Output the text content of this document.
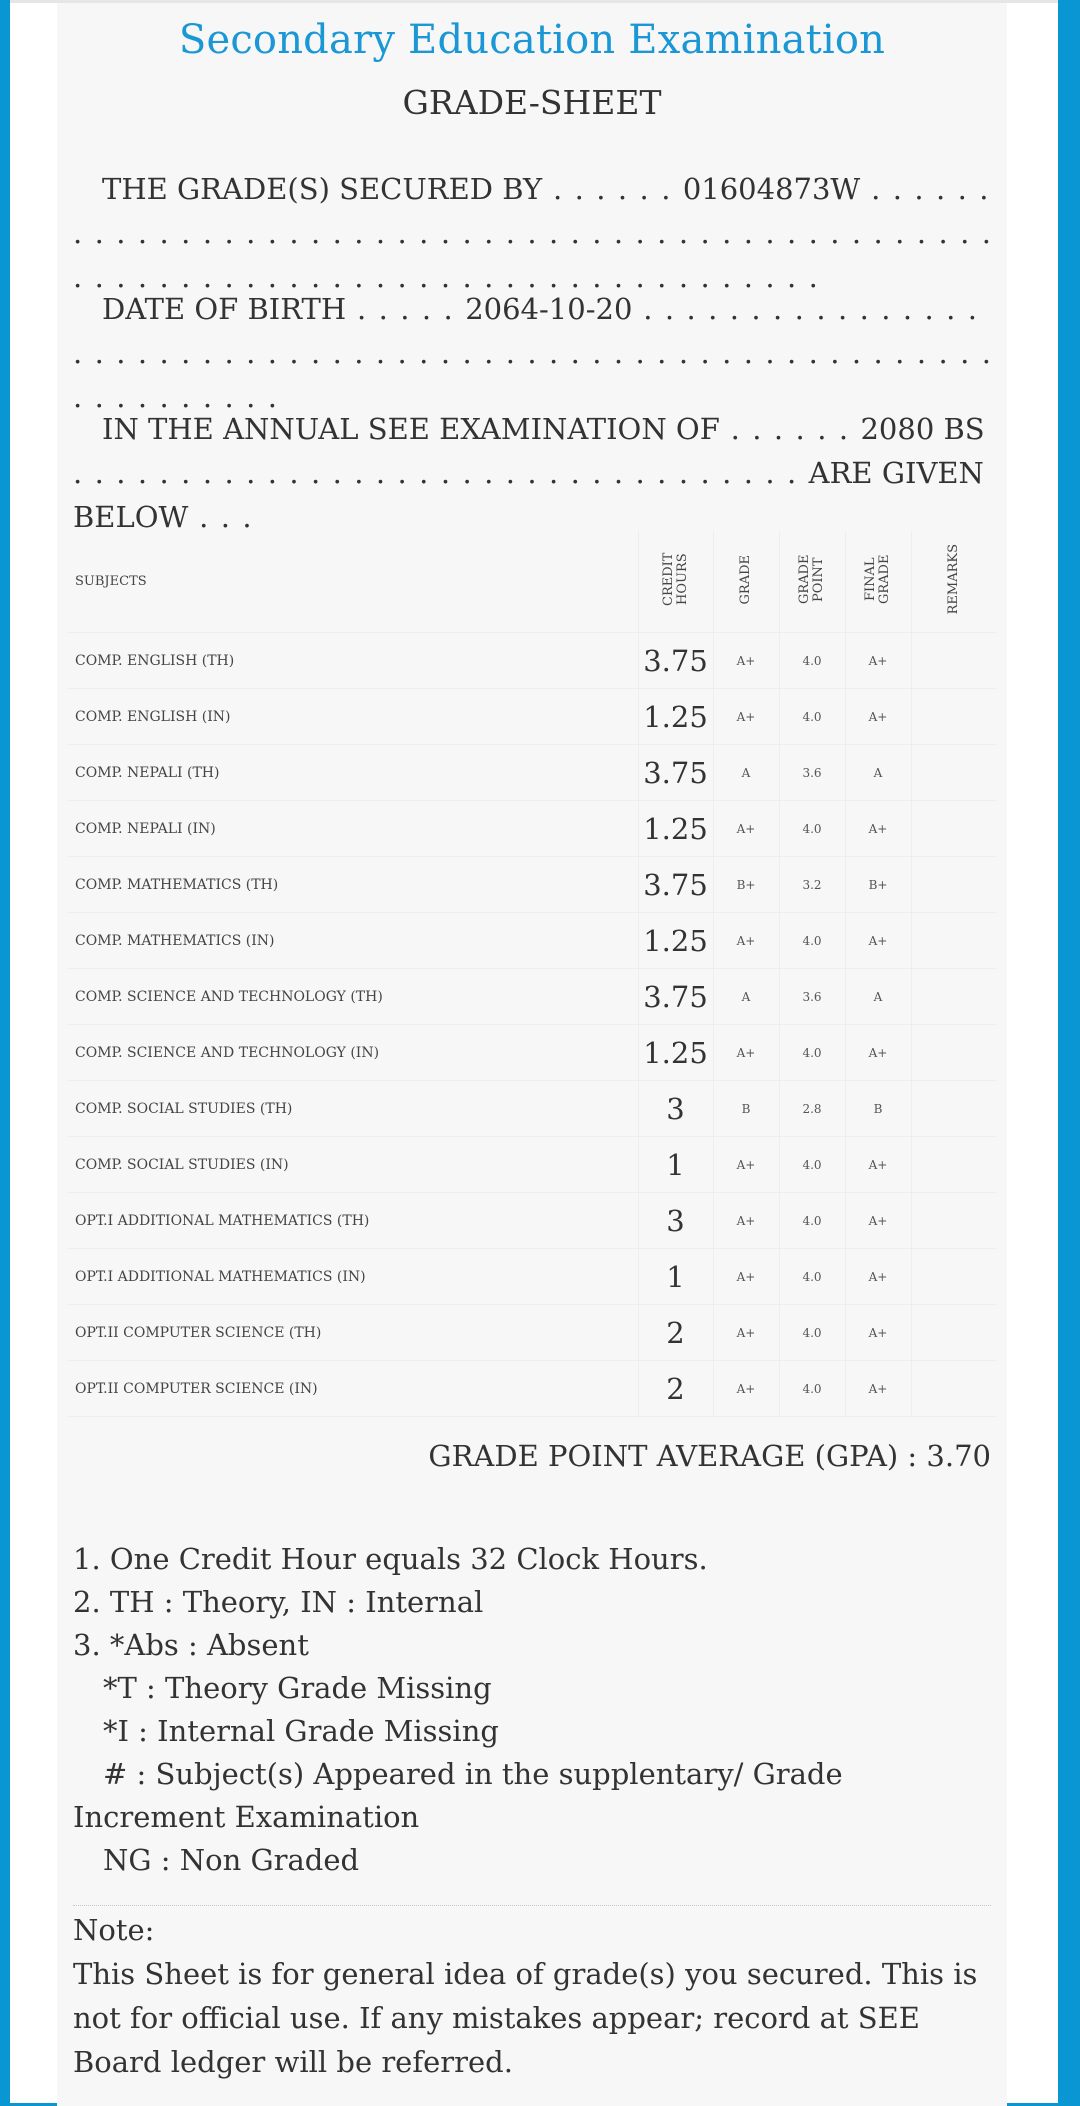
Secondary Education Examination
GRADE-SHEET
THE GRADE(S) SECURED BY . . . . . . 01604873W . . . . . . . . . . . . . . . . . . . . . . . . . . . . . . . . . . . . . . . . . . . . . . . . . . . . . . . . . . . . . . . . . . . . . . . . . . . . . . . . . . . .
DATE OF BIRTH . . . . . 2064-10-20 . . . . . . . . . . . . . . . . . . . . . . . . . . . . . . . . . . . . . . . . . . . . . . . . . . . . . . . . . . . . . . . . . . . . .
IN THE ANNUAL SEE EXAMINATION OF . . . . . . 2080 BS . . . . . . . . . . . . . . . . . . . . . . . . . . . . . . . . . . ARE GIVEN BELOW . . .
SUBJECTS	CREDIT HOURS	GRADE	GRADE POINT	FINAL GRADE	REMARKS
COMP. ENGLISH (TH)	3.75	A+	4.0	A+	
COMP. ENGLISH (IN)	1.25	A+	4.0	A+	
COMP. NEPALI (TH)	3.75	A	3.6	A	
COMP. NEPALI (IN)	1.25	A+	4.0	A+	
COMP. MATHEMATICS (TH)	3.75	B+	3.2	B+	
COMP. MATHEMATICS (IN)	1.25	A+	4.0	A+	
COMP. SCIENCE AND TECHNOLOGY (TH)	3.75	A	3.6	A	
COMP. SCIENCE AND TECHNOLOGY (IN)	1.25	A+	4.0	A+	
COMP. SOCIAL STUDIES (TH)	3	B	2.8	B	
COMP. SOCIAL STUDIES (IN)	1	A+	4.0	A+	
OPT.I ADDITIONAL MATHEMATICS (TH)	3	A+	4.0	A+	
OPT.I ADDITIONAL MATHEMATICS (IN)	1	A+	4.0	A+	
OPT.II COMPUTER SCIENCE (TH)	2	A+	4.0	A+	
OPT.II COMPUTER SCIENCE (IN)	2	A+	4.0	A+	
GRADE POINT AVERAGE (GPA) : 3.70
1. One Credit Hour equals 32 Clock Hours.
2. TH : Theory, IN : Internal
3. *Abs : Absent
*T : Theory Grade Missing
*I : Internal Grade Missing
# : Subject(s) Appeared in the supplentary/ Grade Increment Examination
NG : Non Graded
Note:
This Sheet is for general idea of grade(s) you secured. This is not for official use. If any mistakes appear; record at SEE Board ledger will be referred.
